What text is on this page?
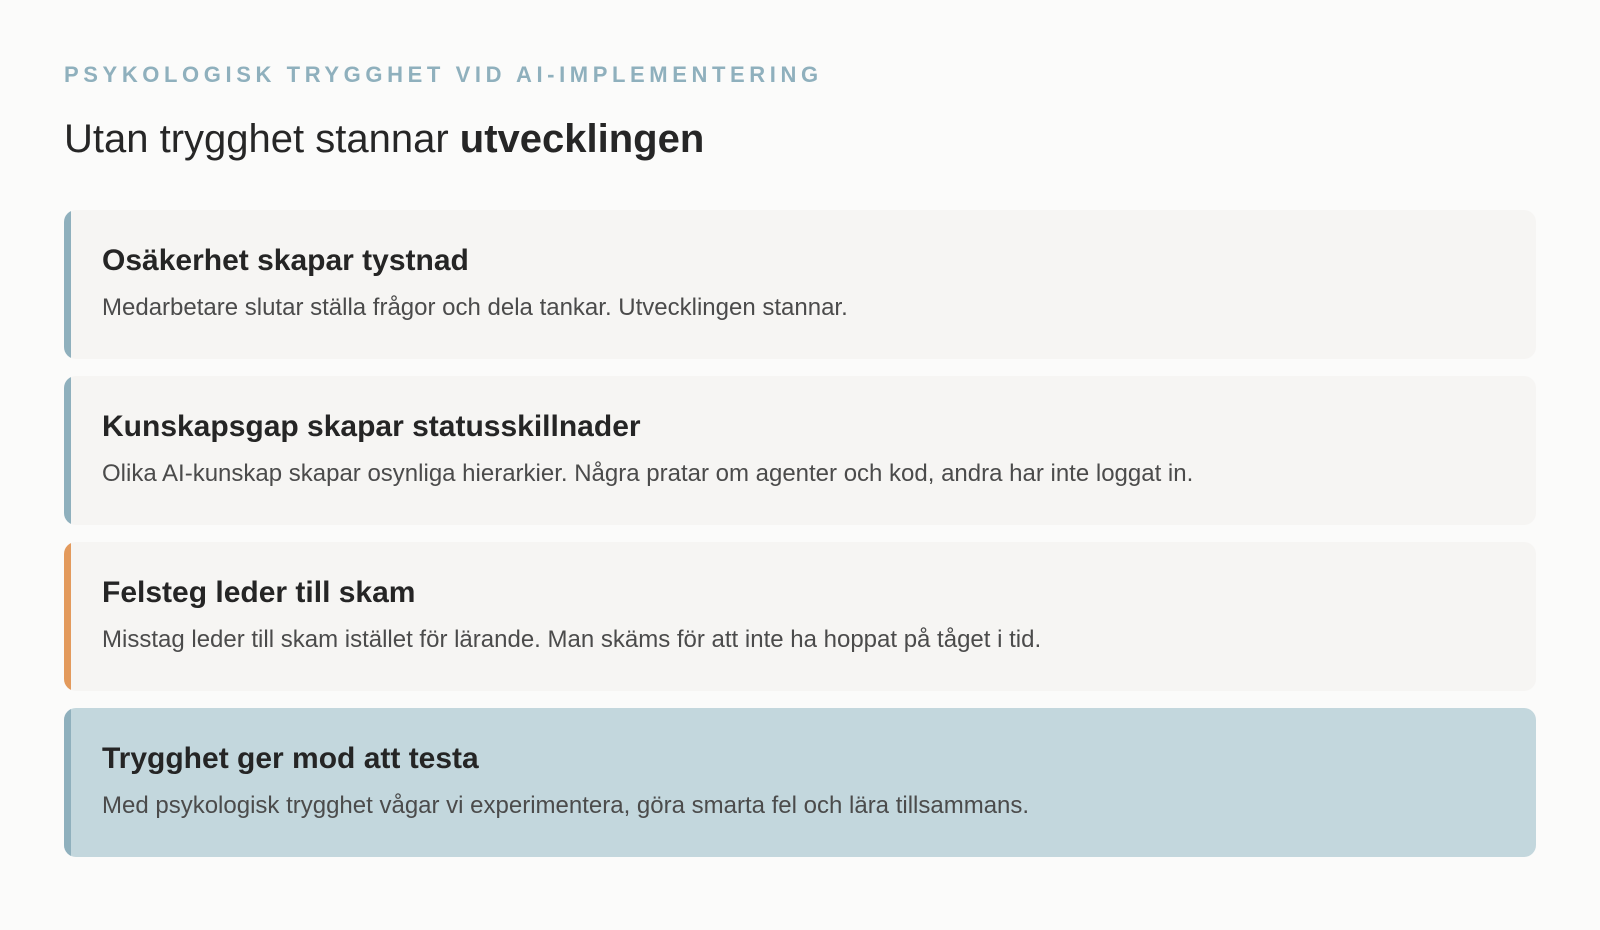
PSYKOLOGISK TRYGGHET VID AI-IMPLEMENTERING
Utan trygghet stannar utvecklingen
Osäkerhet skapar tystnad
Medarbetare slutar ställa frågor och dela tankar. Utvecklingen stannar.
Kunskapsgap skapar statusskillnader
Olika AI-kunskap skapar osynliga hierarkier. Några pratar om agenter och kod, andra har inte loggat in.
Felsteg leder till skam
Misstag leder till skam istället för lärande. Man skäms för att inte ha hoppat på tåget i tid.
Trygghet ger mod att testa
Med psykologisk trygghet vågar vi experimentera, göra smarta fel och lära tillsammans.
